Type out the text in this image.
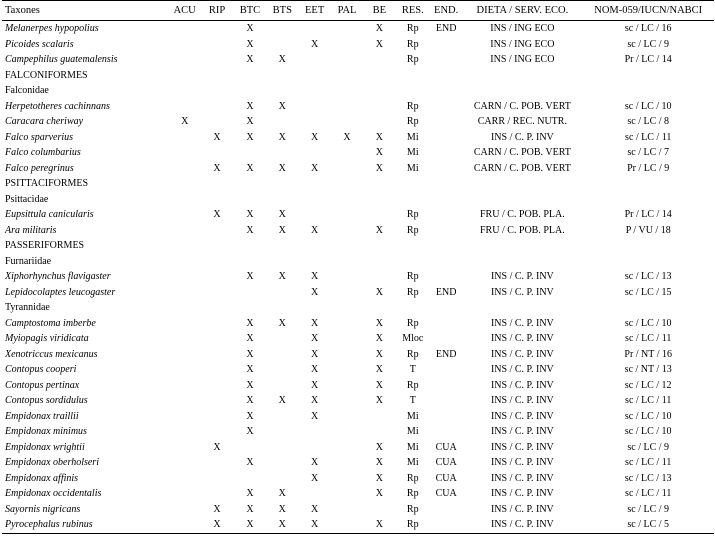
Taxones	ACU	RIP	BTC	BTS	EET	PAL	BE	RES.	END.	DIETA / SERV. ECO.	NOM-059/IUCN/NABCI
Melanerpes hypopolius			X				X	Rp	END	INS / ING ECO	sc / LC / 16
Picoides scalaris			X		X		X	Rp		INS / ING ECO	sc / LC / 9
Campephilus guatemalensis			X	X				Rp		INS / ING ECO	Pr / LC / 14
FALCONIFORMES											
Falconidae											
Herpetotheres cachinnans			X	X				Rp		CARN / C. POB. VERT	sc / LC / 10
Caracara cheriway	X		X					Rp		CARR / REC. NUTR.	sc / LC / 8
Falco sparverius		X	X	X	X	X	X	Mi		INS / C. P. INV	sc / LC / 11
Falco columbarius							X	Mi		CARN / C. POB. VERT	sc / LC / 7
Falco peregrinus		X	X	X	X		X	Mi		CARN / C. POB. VERT	Pr / LC / 9
PSITTACIFORMES											
Psittacidae											
Eupsittula canicularis		X	X	X				Rp		FRU / C. POB. PLA.	Pr / LC / 14
Ara militaris			X	X	X		X	Rp		FRU / C. POB. PLA.	P / VU / 18
PASSERIFORMES											
Furnariidae											
Xiphorhynchus flavigaster			X	X	X			Rp		INS / C. P. INV	sc / LC / 13
Lepidocolaptes leucogaster					X		X	Rp	END	INS / C. P. INV	sc / LC / 15
Tyrannidae											
Camptostoma imberbe			X	X	X		X	Rp		INS / C. P. INV	sc / LC / 10
Myiopagis viridicata			X		X		X	Mloc		INS / C. P. INV	sc / LC / 11
Xenotriccus mexicanus			X		X		X	Rp	END	INS / C. P. INV	Pr / NT / 16
Contopus cooperi			X		X		X	T		INS / C. P. INV	sc / NT / 13
Contopus pertinax			X		X		X	Rp		INS / C. P. INV	sc / LC / 12
Contopus sordidulus			X	X	X		X	T		INS / C. P. INV	sc / LC / 11
Empidonax traillii			X		X			Mi		INS / C. P. INV	sc / LC / 10
Empidonax minimus			X					Mi		INS / C. P. INV	sc / LC / 10
Empidonax wrightii		X					X	Mi	CUA	INS / C. P. INV	sc / LC / 9
Empidonax oberholseri			X		X		X	Mi	CUA	INS / C. P. INV	sc / LC / 11
Empidonax affinis					X		X	Rp	CUA	INS / C. P. INV	sc / LC / 13
Empidonax occidentalis			X	X			X	Rp	CUA	INS / C. P. INV	sc / LC / 11
Sayornis nigricans		X	X	X	X			Rp		INS / C. P. INV	sc / LC / 9
Pyrocephalus rubinus		X	X	X	X		X	Rp		INS / C. P. INV	sc / LC / 5
